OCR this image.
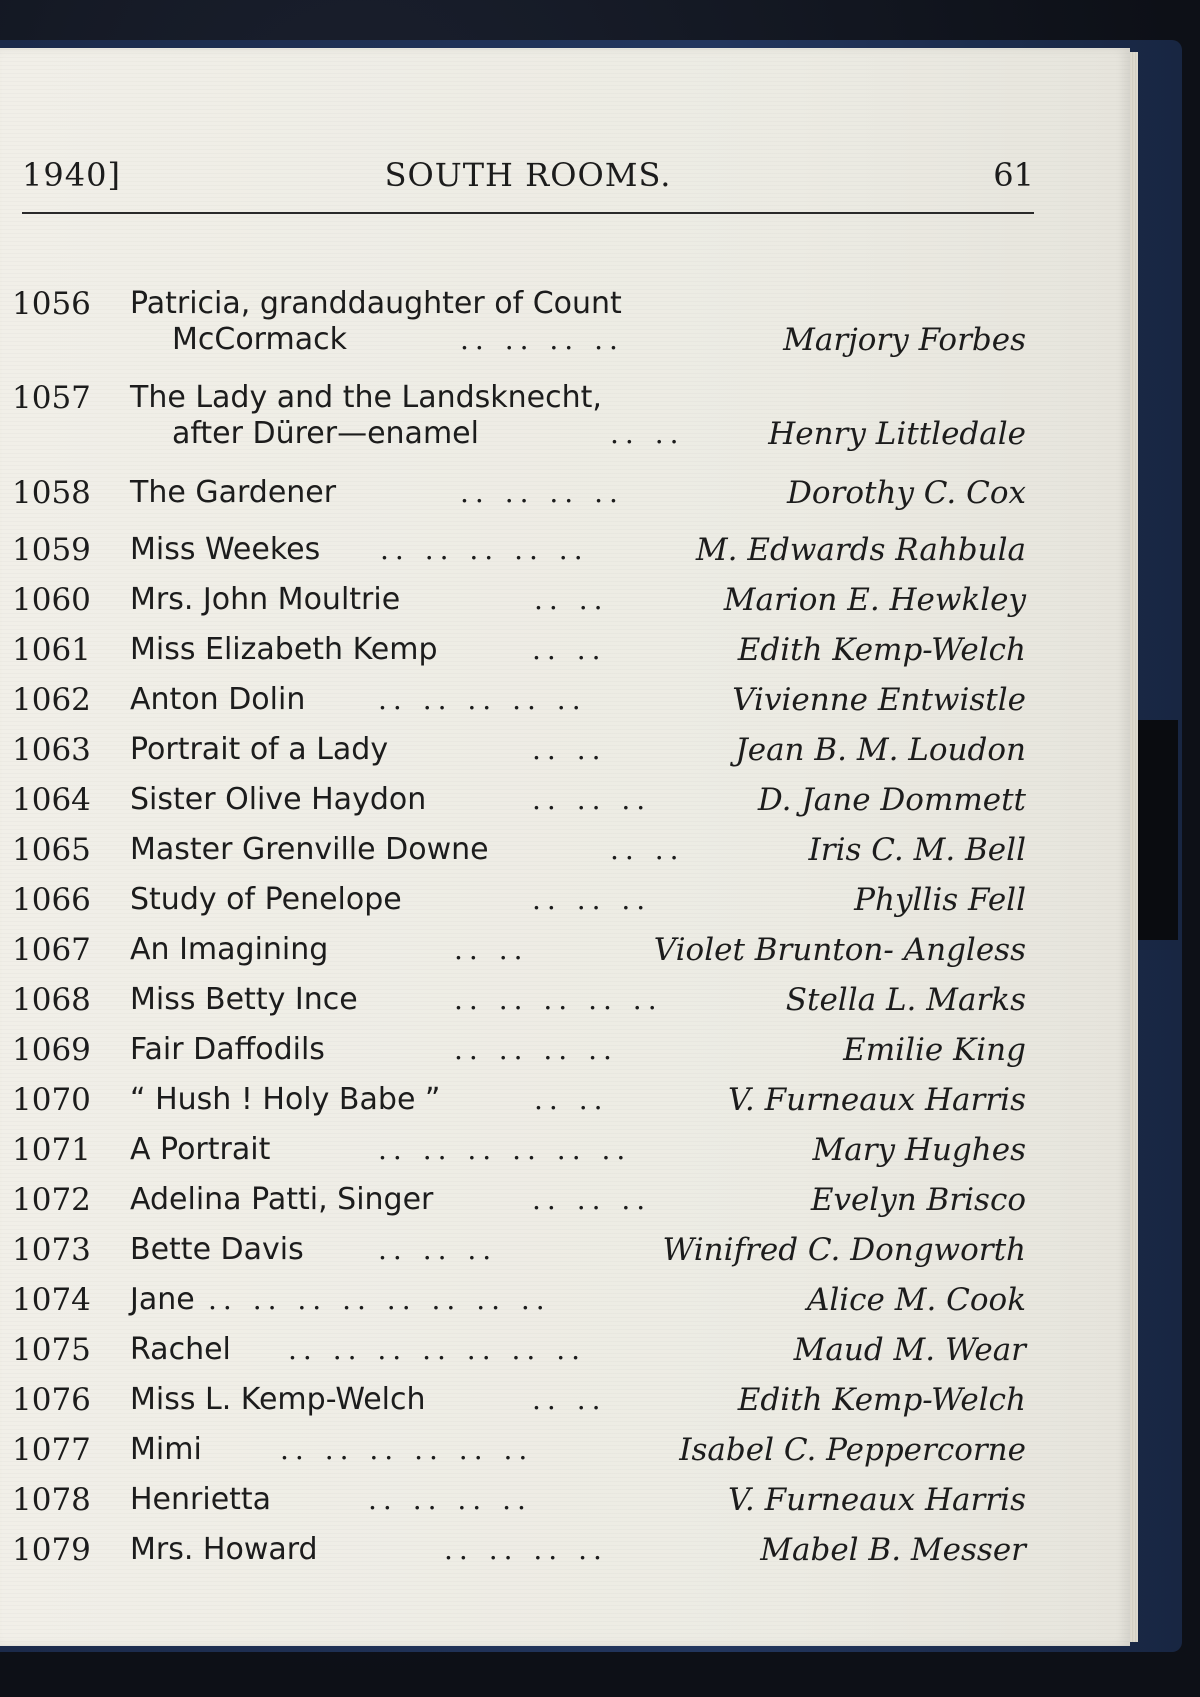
SOUTH ROOMS.
1940]	61
1056	Patricia, granddaughter of Count
McCormack	.. .. .. ..	Marjory Forbes
1057	The Lady and the Landsknecht,
after Dürer—enamel	.. ..	Henry Littledale
1058	The Gardener	.. .. .. ..	Dorothy C. Cox
1059	Miss Weekes .. .. .. .. ..	M. Edwards Rahbula
1060	Mrs. John Moultrie	.. ..	Marion E. Hewkley
1061	Miss Elizabeth Kemp	.. ..	Edith Kemp-Welch
1062	Anton Dolin	.. .. .. .. ..	Vivienne Entwistle
1063	Portrait of a Lady	.. ..	Jean B. M. Loudon
1064	Sister Olive Haydon	.. .. ..	D. Jane Dommett
1065	Master Grenville Downe	.. ..	Iris C. M. Bell
1066	Study of Penelope	.. .. ..	Phyllis Fell
1067	An Imagining	.. ..	Violet Brunton- Angless
1068	Miss Betty Ince	.. .. .. .. ..	Stella L. Marks
1069	Fair Daffodils	.. .. .. ..	Emilie King
1070	“ Hush ! Holy Babe ”	.. ..	V. Furneaux Harris
1071	A Portrait	.. .. .. .. .. ..	Mary Hughes
1072	Adelina Patti, Singer	.. .. ..	Evelyn Brisco
1073	Bette Davis	.. .. ..	Winifred C. Dongworth
1074	Jane .. .. .. .. .. .. .. ..	Alice M. Cook
1075	Rachel .. .. .. .. .. .. ..	Maud M. Wear
1076	Miss L. Kemp-Welch	.. ..	Edith Kemp-Welch
1077	Mimi	.. .. .. .. .. ..	Isabel C. Peppercorne
1078	Henrietta	.. .. .. ..	V. Furneaux Harris
1079	Mrs. Howard	.. .. .. ..	Mabel B. Messer
